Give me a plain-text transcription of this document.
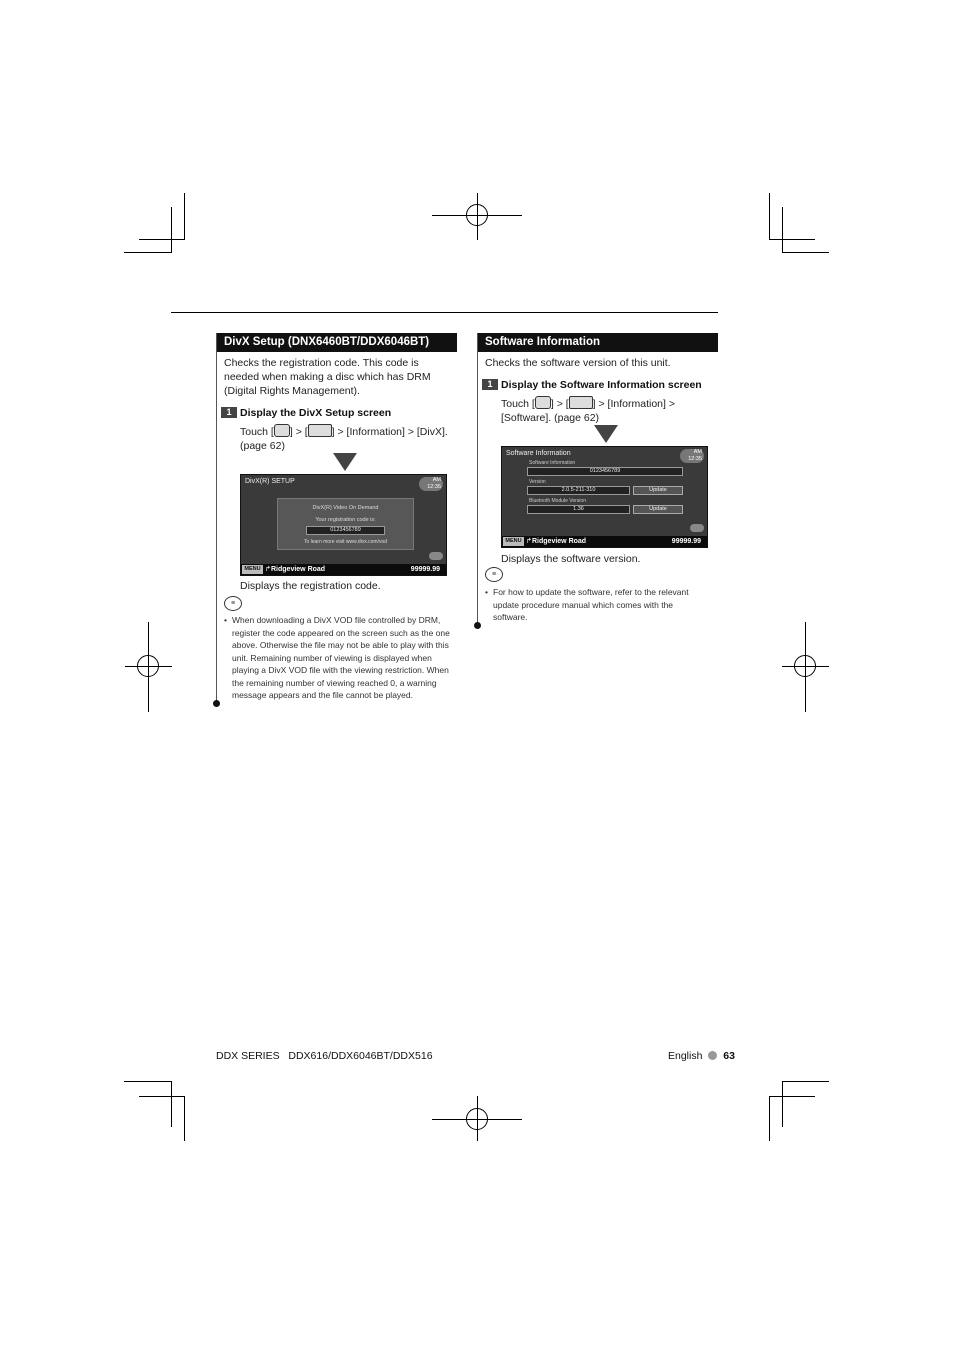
DivX Setup (DNX6460BT/DDX6046BT)
Checks the registration code. This code is needed when making a disc which has DRM (Digital Rights Management).
1 Display the DivX Setup screen
Touch [ ] > [ ] > [Information] > [DivX].
(page 62)
DivX(R) SETUP	AM 12:35
DivX(R) Video On Demand
Your registration code is:
0123456789
To learn more visit www.divx.com/vod
MENU ↱ Ridgeview Road	99999.99
Displays the registration code.
≡
• When downloading a DivX VOD file controlled by DRM, register the code appeared on the screen such as the one above. Otherwise the file may not be able to play with this unit. Remaining number of viewing is displayed when playing a DivX VOD file with the viewing restriction. When the remaining number of viewing reached 0, a warning message appears and the file cannot be played.
Software Information
Checks the software version of this unit.
1 Display the Software Information screen
Touch [ ] > [ ] > [Information] >
[Software]. (page 62)
Software Information	AM 12:35
Software Information
0123456789
Version
2.0.5-211-310	Update
Bluetooth Module Version
1.36	Update
MENU ↱ Ridgeview Road	99999.99
Displays the software version.
≡
• For how to update the software, refer to the relevant update procedure manual which comes with the software.
DDX SERIES DDX616/DDX6046BT/DDX516	English 63
